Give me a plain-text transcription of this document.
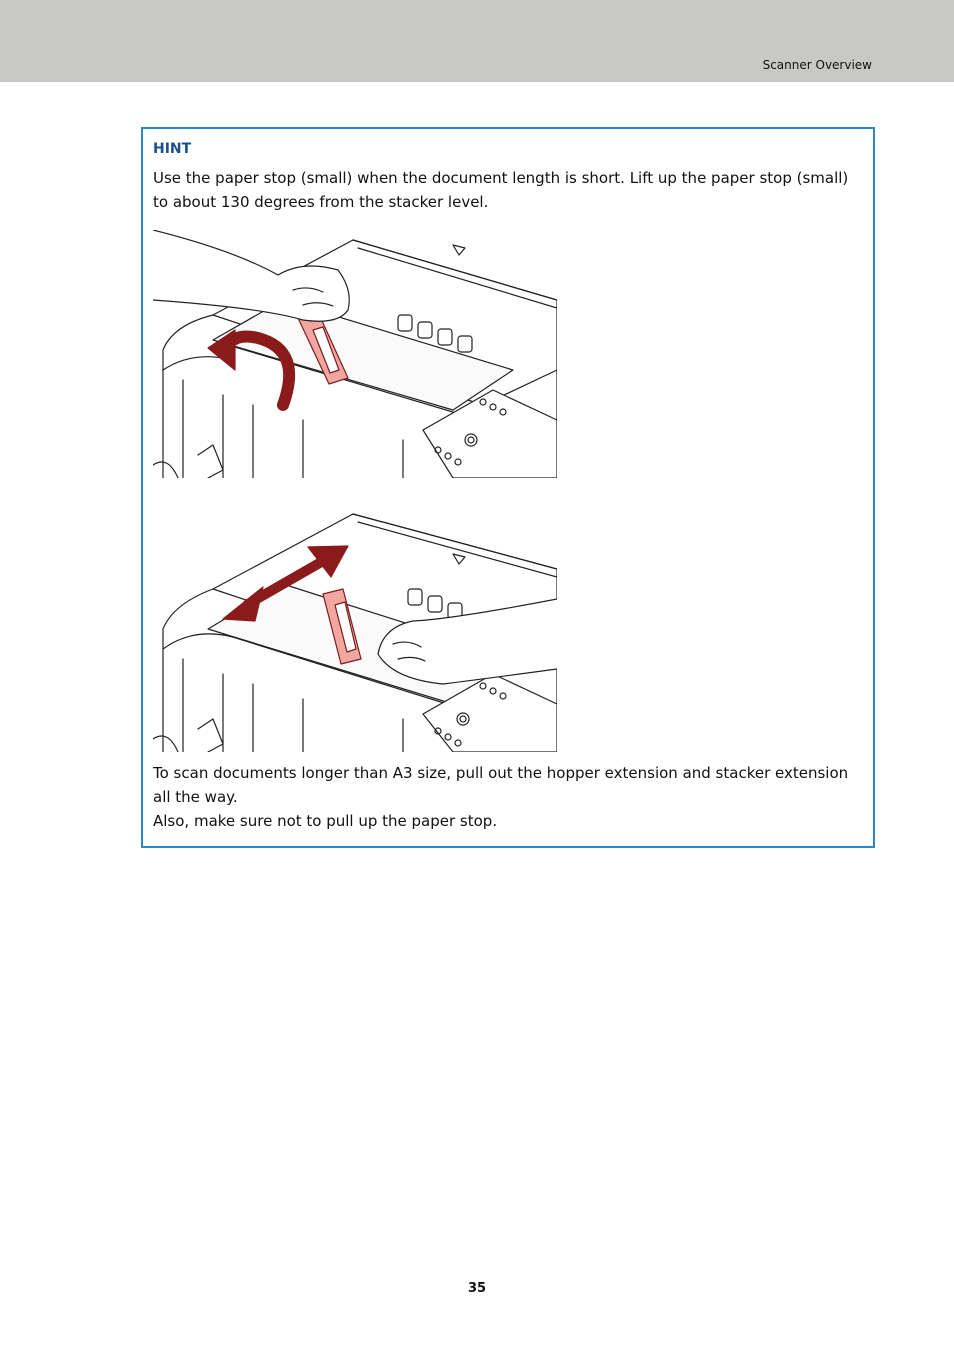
Scanner Overview
HINT
Use the paper stop (small) when the document length is short. Lift up the paper stop (small) to about 130 degrees from the stacker level.
To scan documents longer than A3 size, pull out the hopper extension and stacker extension all the way.
Also, make sure not to pull up the paper stop.
35
